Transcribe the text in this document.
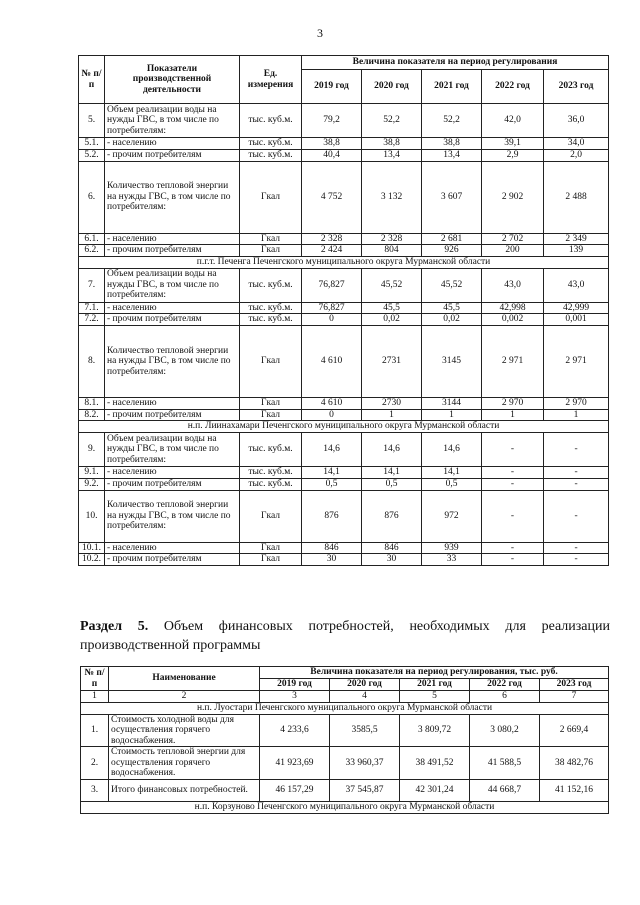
3
№ п/п	Показатели производственной деятельности	Ед. измерения	Величина показателя на период регулирования				
			2019 год	2020 год	2021 год	2022 год	2023 год
5.	Объем реализации воды на нужды ГВС, в том числе по потребителям:	тыс. куб.м.	79,2	52,2	52,2	42,0	36,0
5.1.	- населению	тыс. куб.м.	38,8	38,8	38,8	39,1	34,0
5.2.	- прочим потребителям	тыс. куб.м.	40,4	13,4	13,4	2,9	2,0
6.	Количество тепловой энергии на нужды ГВС, в том числе по потребителям:	Гкал	4 752	3 132	3 607	2 902	2 488
6.1.	- населению	Гкал	2 328	2 328	2 681	2 702	2 349
6.2.	- прочим потребителям	Гкал	2 424	804	926	200	139
п.г.т. Печенга Печенгского муниципального округа Мурманской области							
7.	Объем реализации воды на нужды ГВС, в том числе по потребителям:	тыс. куб.м.	76,827	45,52	45,52	43,0	43,0
7.1.	- населению	тыс. куб.м.	76,827	45,5	45,5	42,998	42,999
7.2.	- прочим потребителям	тыс. куб.м.	0	0,02	0,02	0,002	0,001
8.	Количество тепловой энергии на нужды ГВС, в том числе по потребителям:	Гкал	4 610	2731	3145	2 971	2 971
8.1.	- населению	Гкал	4 610	2730	3144	2 970	2 970
8.2.	- прочим потребителям	Гкал	0	1	1	1	1
н.п. Лиинахамари Печенгского муниципального округа Мурманской области							
9.	Объем реализации воды на нужды ГВС, в том числе по потребителям:	тыс. куб.м.	14,6	14,6	14,6	-	-
9.1.	- населению	тыс. куб.м.	14,1	14,1	14,1	-	-
9.2.	- прочим потребителям	тыс. куб.м.	0,5	0,5	0,5	-	-
10.	Количество тепловой энергии на нужды ГВС, в том числе по потребителям:	Гкал	876	876	972	-	-
10.1.	- населению	Гкал	846	846	939	-	-
10.2.	- прочим потребителям	Гкал	30	30	33	-	-
Раздел 5. Объем финансовых потребностей, необходимых для реализации производственной программы
№ п/п	Наименование	Величина показателя на период регулирования, тыс. руб.				
		2019 год	2020 год	2021 год	2022 год	2023 год
1	2	3	4	5	6	7
н.п. Луостари Печенгского муниципального округа Мурманской области						
1.	Стоимость холодной воды для осуществления горячего водоснабжения.	4 233,6	3585,5	3 809,72	3 080,2	2 669,4
2.	Стоимость тепловой энергии для осуществления горячего водоснабжения.	41 923,69	33 960,37	38 491,52	41 588,5	38 482,76
3.	Итого финансовых потребностей.	46 157,29	37 545,87	42 301,24	44 668,7	41 152,16
н.п. Корзуново Печенгского муниципального округа Мурманской области						
